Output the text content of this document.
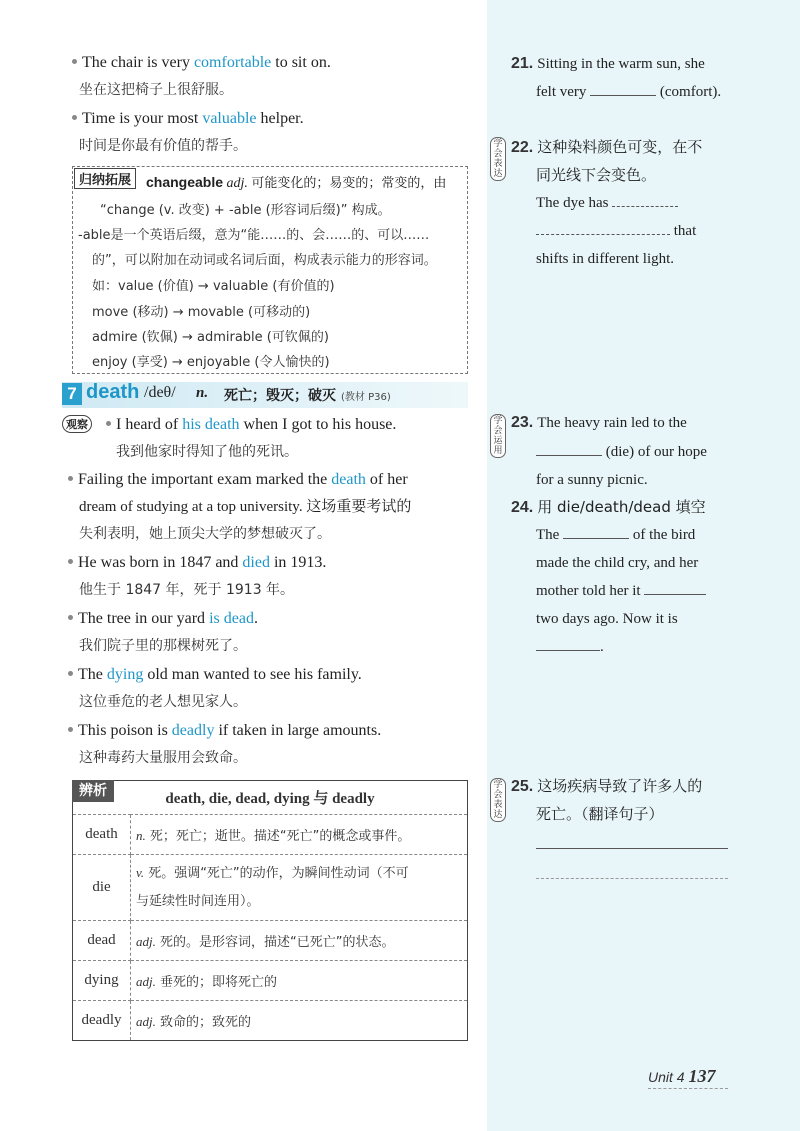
The chair is very comfortable to sit on.
坐在这把椅子上很舒服。
Time is your most valuable helper.
时间是你最有价值的帮手。
归纳拓展	changeable adj. 可能变化的；易变的；常变的，由
“change (v. 改变) + -able (形容词后缀)” 构成。
-able是一个英语后缀，意为“能……的、会……的、可以……
的”，可以附加在动词或名词后面，构成表示能力的形容词。
如：value (价值) → valuable (有价值的)
move (移动) → movable (可移动的)
admire (钦佩) → admirable (可钦佩的)
enjoy (享受) → enjoyable (令人愉快的)
7 death /deθ/ n. 死亡；毁灭；破灭 (教材 P36)
观察	I heard of his death when I got to his house.
我到他家时得知了他的死讯。
Failing the important exam marked the death of her
dream of studying at a top university. 这场重要考试的
失利表明，她上顶尖大学的梦想破灭了。
He was born in 1847 and died in 1913.
他生于 1847 年，死于 1913 年。
The tree in our yard is dead.
我们院子里的那棵树死了。
The dying old man wanted to see his family.
这位垂危的老人想见家人。
This poison is deadly if taken in large amounts.
这种毒药大量服用会致命。
death, die, dead, dying 与 deadly	
death	n. 死；死亡；逝世。描述“死亡”的概念或事件。
die	v. 死。强调“死亡”的动作，为瞬间性动词（不可
与延续性时间连用）。
dead	adj. 死的。是形容词，描述“已死亡”的状态。
dying	adj. 垂死的；即将死亡的
deadly	adj. 致命的；致死的
辨析
21. Sitting in the warm sun, she
felt very	(comfort).
学会表达
22. 这种染料颜色可变，在不
同光线下会变色。
The dye has
that
shifts in different light.
学会运用
23. The heavy rain led to the
(die) of our hope
for a sunny picnic.
24. 用 die/death/dead 填空
The	of the bird
made the child cry, and her
mother told her it
two days ago. Now it is
.
学会表达
25. 这场疾病导致了许多人的
死亡。（翻译句子）
Unit 4 137
